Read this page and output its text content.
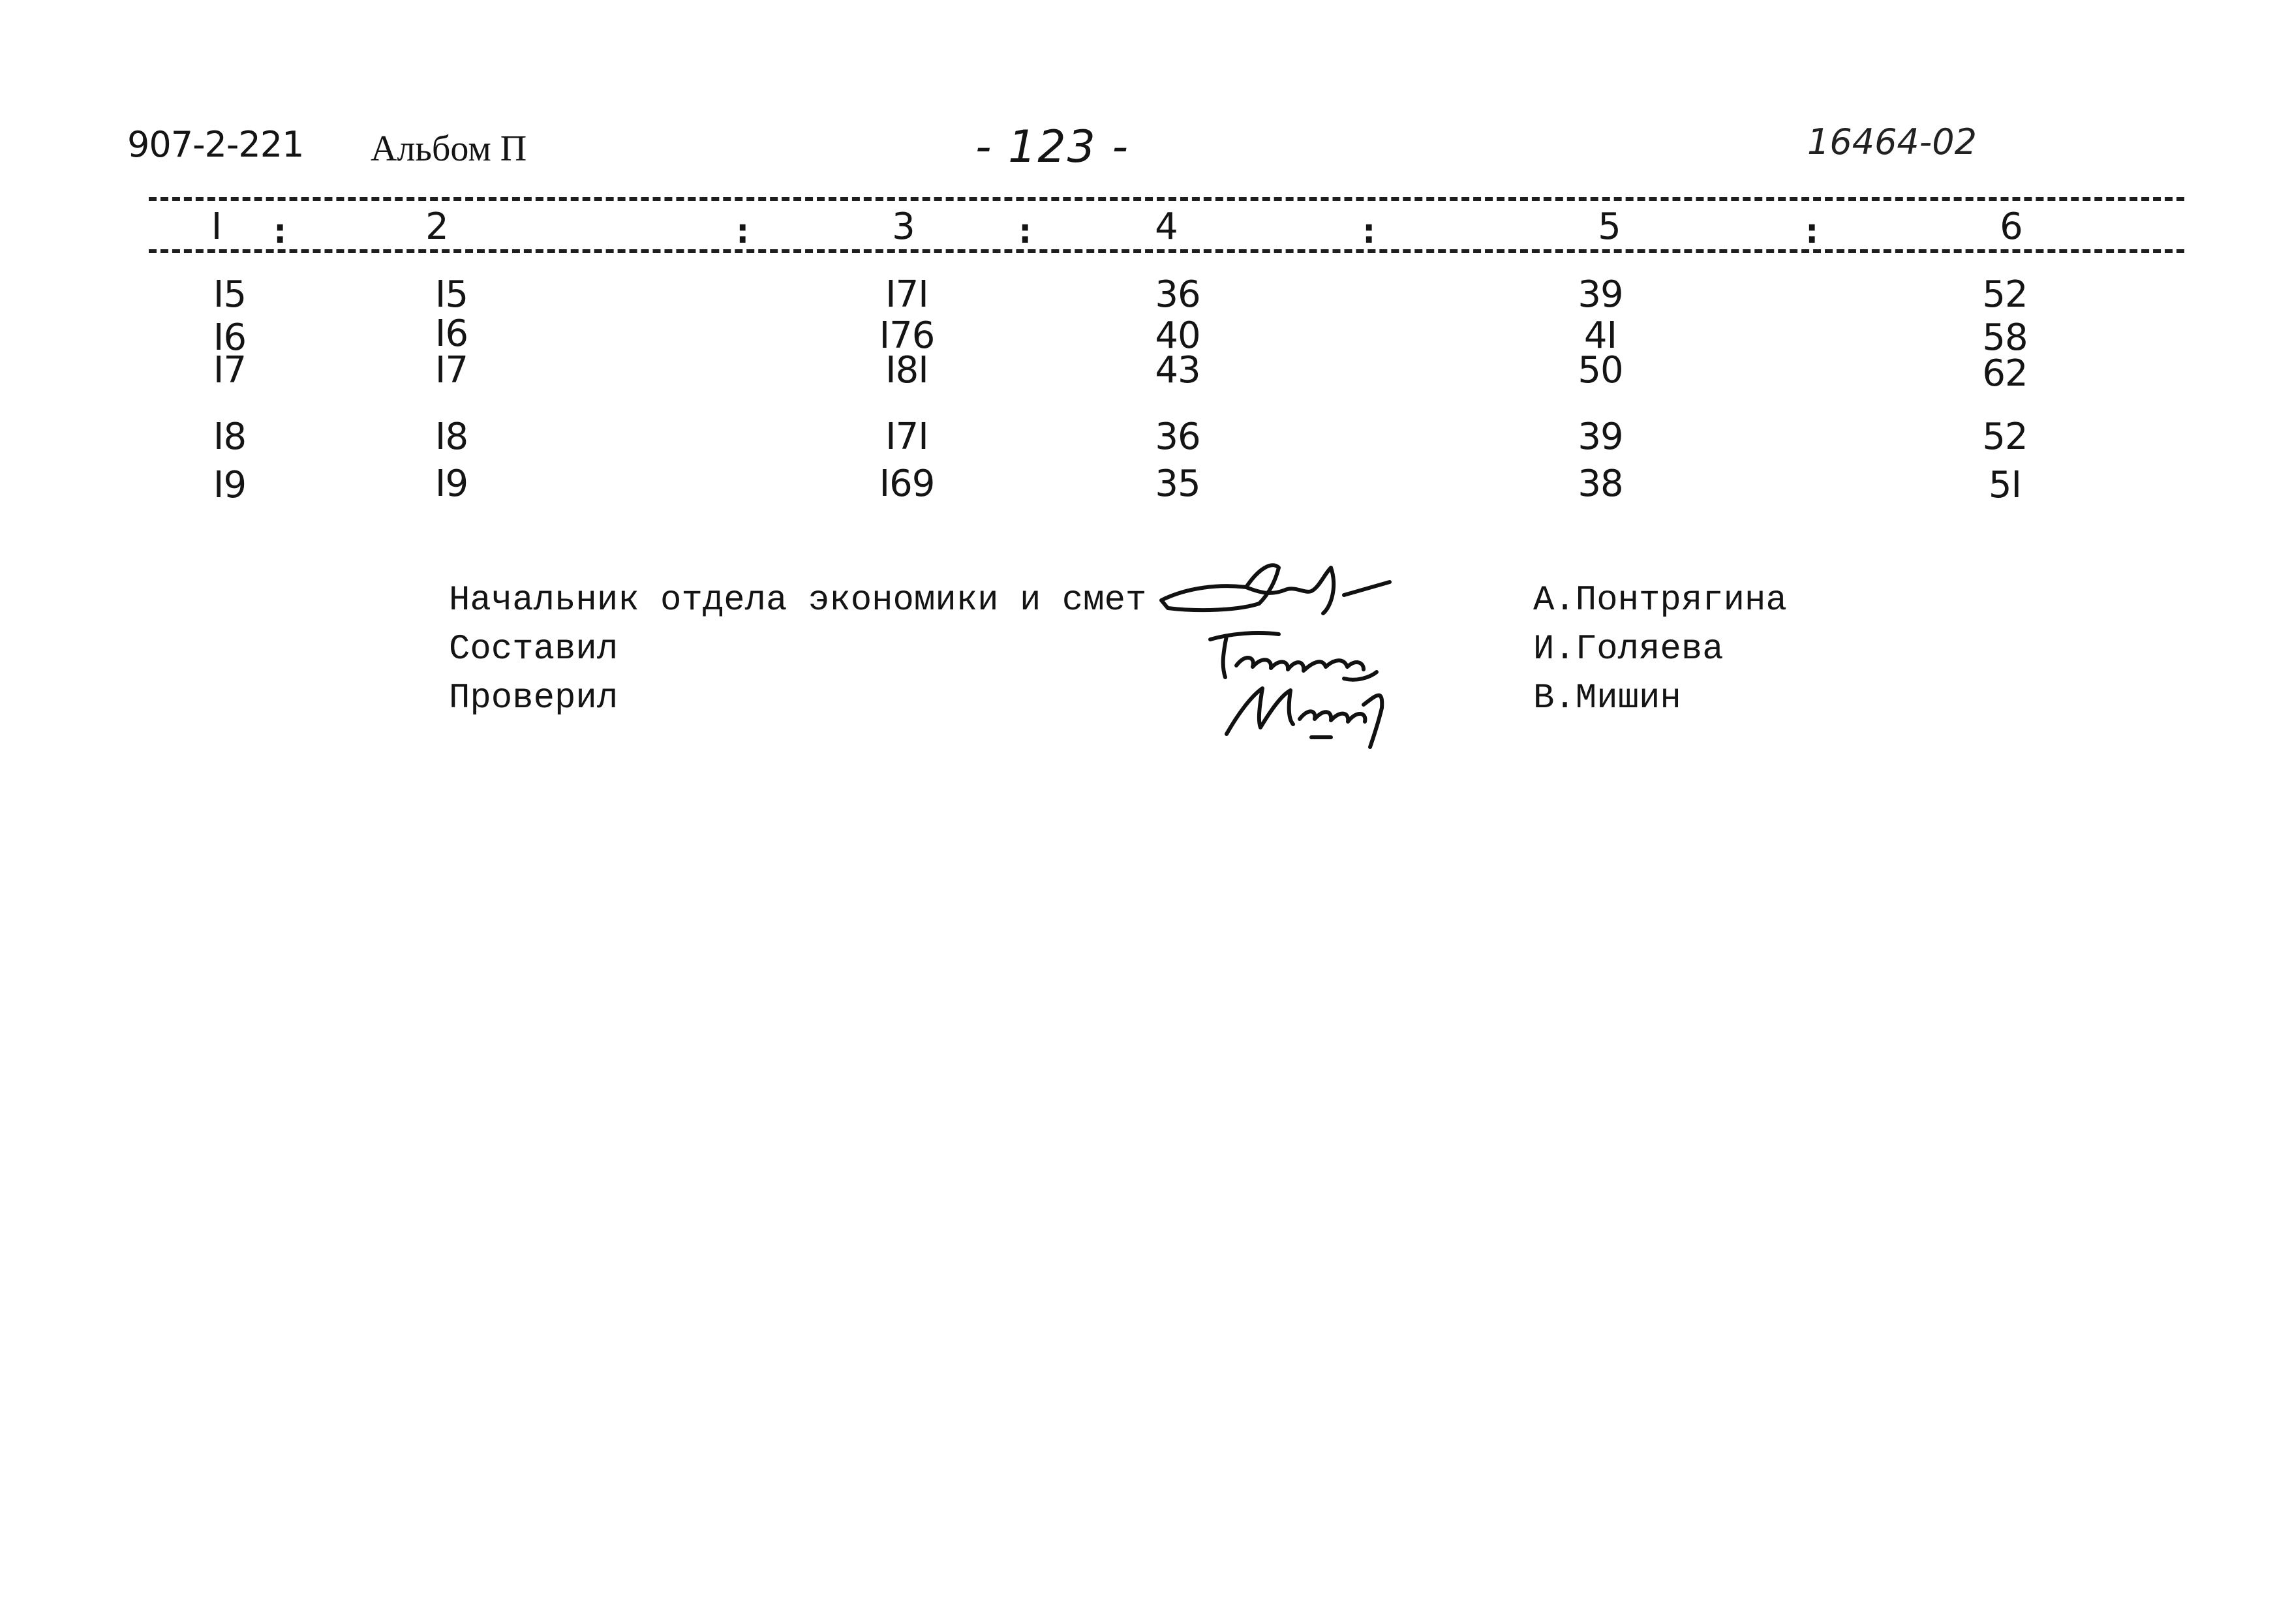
907-2-221 Альбом П	- 123 -	16464-02
I	:	2	:	3	:	4	:	5	:	6
I5	I5	I7I	36	39	52
I6	I6	I76	40	4I	58
I7	I7	I8I	43	50	62
I8	I8	I7I	36	39	52
I9	I9	I69	35	38	5I
Начальник отдела экономики и смет
Составил
Проверил
А.Понтрягина
И.Голяева
В.Мишин
